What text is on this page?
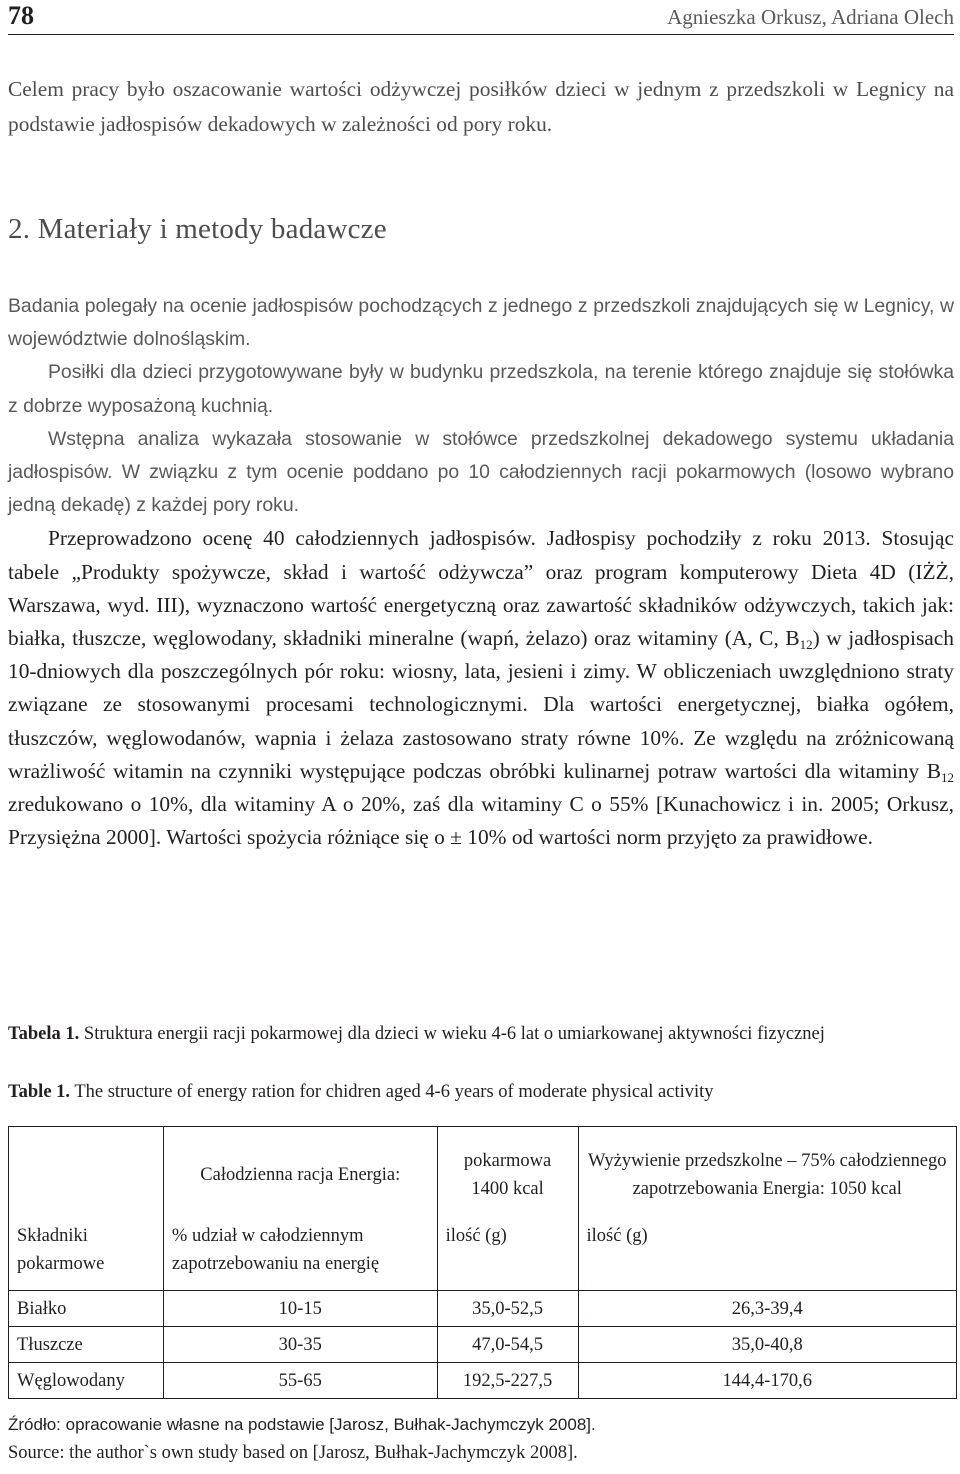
78	Agnieszka Orkusz, Adriana Olech
Celem pracy było oszacowanie wartości odżywczej posiłków dzieci w jednym z przedszkoli w Legnicy na podstawie jadłospisów dekadowych w zależności od pory roku.
2. Materiały i metody badawcze

Badania polegały na ocenie jadłospisów pochodzących z jednego z przedszkoli znajdujących się w Legnicy, w województwie dolnośląskim.

Posiłki dla dzieci przygotowywane były w budynku przedszkola, na terenie którego znajduje się stołówka z dobrze wyposażoną kuchnią.

Wstępna analiza wykazała stosowanie w stołówce przedszkolnej dekadowego systemu układania jadłospisów. W związku z tym ocenie poddano po 10 całodziennych racji pokarmowych (losowo wybrano jedną dekadę) z każdej pory roku.

Przeprowadzono ocenę 40 całodziennych jadłospisów. Jadłospisy pochodziły z roku 2013. Stosując tabele „Produkty spożywcze, skład i wartość odżywcza” oraz program komputerowy Dieta 4D (IŻŻ, Warszawa, wyd. III), wyznaczono wartość energetyczną oraz zawartość składników odżywczych, takich jak: białka, tłuszcze, węglowodany, składniki mineralne (wapń, żelazo) oraz witaminy (A, C, $B_{12}$) w jadłospisach 10-dniowych dla poszczególnych pór roku: wiosny, lata, jesieni i zimy. W obliczeniach uwzględniono straty związane ze stosowanymi procesami technologicznymi. Dla wartości energetycznej, białka ogółem, tłuszczów, węglowodanów, wapnia i żelaza zastosowano straty równe 10%. Ze względu na zróżnicowaną wrażliwość witamin na czynniki występujące podczas obróbki kulinarnej potraw wartości dla witaminy $B_{12}$ zredukowano o 10%, dla witaminy A o 20%, zaś dla witaminy C o 55% [Kunachowicz i in. 2005; Orkusz, Przysiężna 2000]. Wartości spożycia różniące się o ± 10% od wartości norm przyjęto za prawidłowe.

Tabela 1. Struktura energii racji pokarmowej dla dzieci w wieku 4-6 lat o umiarkowanej aktywności fizycznej
Table 1. The structure of energy ration for chidren aged 4-6 years of moderate physical activity
	Całodzienna racja Energia:	pokarmowa 1400 kcal	Wyżywienie przedszkolne – 75% całodziennego zapotrzebowania Energia: 1050 kcal
Składniki pokarmowe	% udział w całodziennym zapotrzebowaniu na energię	ilość (g)	ilość (g)
Białko	10-15	35,0-52,5	26,3-39,4
Tłuszcze	30-35	47,0-54,5	35,0-40,8
Węglowodany	55-65	192,5-227,5	144,4-170,6
Źródło: opracowanie własne na podstawie [Jarosz, Bułhak-Jachymczyk 2008].
Source: the author`s own study based on [Jarosz, Bułhak-Jachymczyk 2008].
